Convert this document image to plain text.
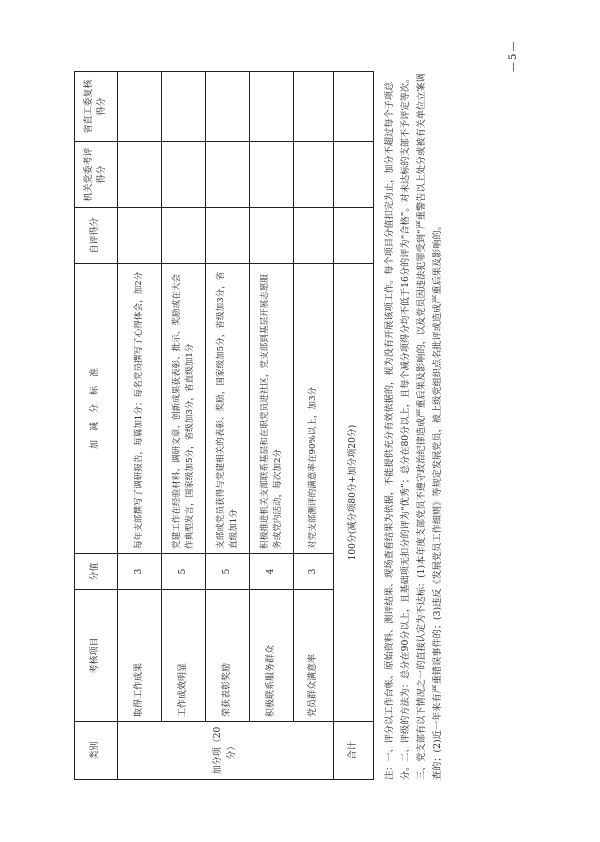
类别	考核项目	分值	加　减　分　标　准	自评得分	机关党委考评得分	省直工委复核得分
加分项（20分）	取得工作成果	3	每年支部撰写了调研报告，每篇加1分；每名党员撰写了心得体会，加2分			
	工作成效明显	5	党建工作在经验材料、调研文章、创新成果获表彰、批示、奖励或在大会作典型发言，国家级加5分，省级加3分，省直级加1分			
	荣获表彰奖励	5	支部或党员获得与党建相关的表彰、奖励，国家级加5分，省级加3分，省直级加1分			
	积极联系服务群众	4	积极推进机关支部联系基层和在职党员进社区，党支部到基层开展志愿服务或党内活动，每次加2分			
	党员群众满意率	3	对党支部测评的满意率在90%以上，加3分			
合计	100分(减分项80分+加分项20分)						注：一、评分以工作台帐、原始资料、测评结果、现场查看结果为依据，不能提供充分有效依据的，视为没有开展该项工作。每个项目分值扣完为止，加分不超过每个子项总分。二、评级的方法为：总分在90分以上，且基础项无扣分的评为“优秀”；总分在80分以上，且每个减分项得分均不低于16分的评为“合格”。对未达标的支部不予评定等次。三、党支部有以下情况之一的直接认定为不达标：(1)本年度支部党员不遵守政治纪律造成严重后果及影响的，以及党员因违法犯罪受到“严重警告以上处分或被有关单位立案调查的；(2)近一年来有严重错误事件的；(3)违反《发展党员工作细则》等规定发展党员，被上级党组织点名批评或造成严重后果及影响的。

—5—
